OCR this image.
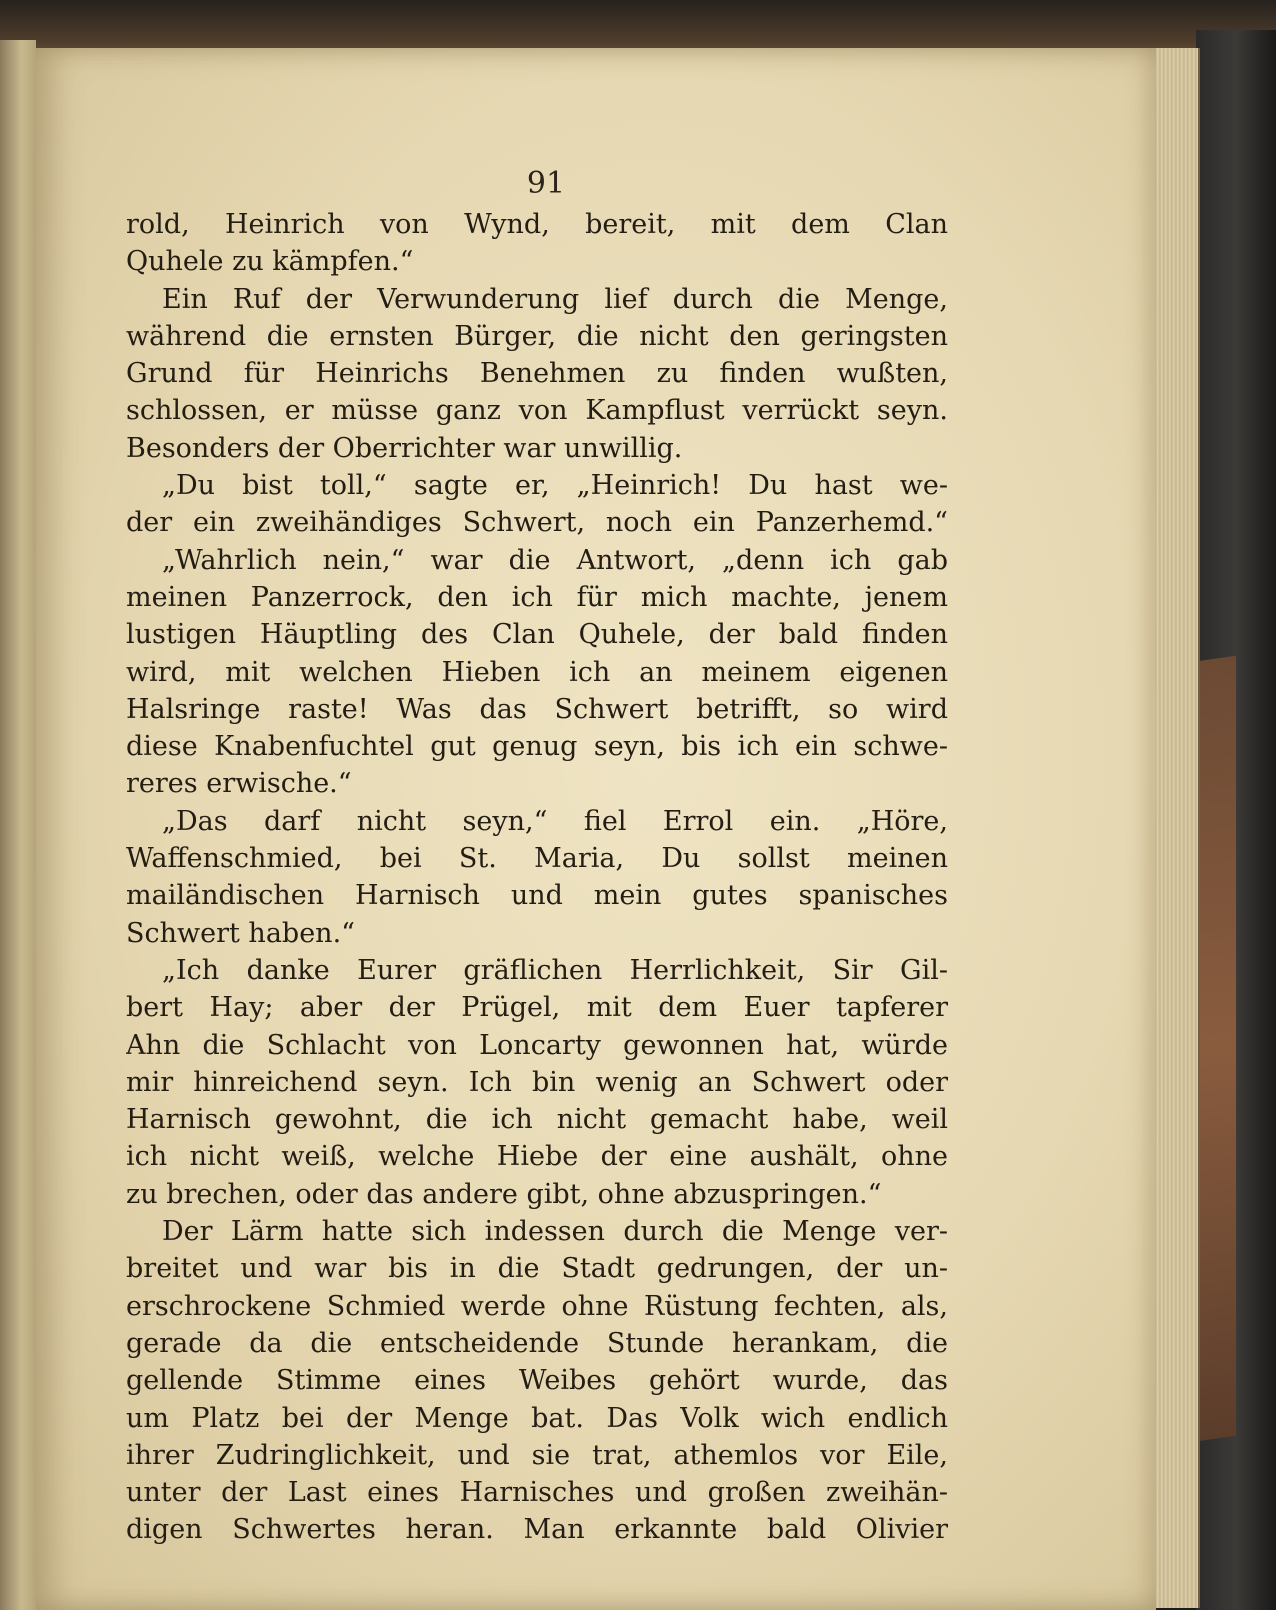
91
rold, Heinrich von Wynd, bereit, mit dem Clan
Quhele zu kämpfen.“
Ein Ruf der Verwunderung lief durch die Menge,
während die ernsten Bürger, die nicht den geringsten
Grund für Heinrichs Benehmen zu finden wußten,
schlossen, er müsse ganz von Kampflust verrückt seyn.
Besonders der Oberrichter war unwillig.
„Du bist toll,“ sagte er, „Heinrich! Du hast we-
der ein zweihändiges Schwert, noch ein Panzerhemd.“
„Wahrlich nein,“ war die Antwort, „denn ich gab
meinen Panzerrock, den ich für mich machte, jenem
lustigen Häuptling des Clan Quhele, der bald finden
wird, mit welchen Hieben ich an meinem eigenen
Halsringe raste! Was das Schwert betrifft, so wird
diese Knabenfuchtel gut genug seyn, bis ich ein schwe-
reres erwische.“
„Das darf nicht seyn,“ fiel Errol ein. „Höre,
Waffenschmied, bei St. Maria, Du sollst meinen
mailändischen Harnisch und mein gutes spanisches
Schwert haben.“
„Ich danke Eurer gräflichen Herrlichkeit, Sir Gil-
bert Hay; aber der Prügel, mit dem Euer tapferer
Ahn die Schlacht von Loncarty gewonnen hat, würde
mir hinreichend seyn. Ich bin wenig an Schwert oder
Harnisch gewohnt, die ich nicht gemacht habe, weil
ich nicht weiß, welche Hiebe der eine aushält, ohne
zu brechen, oder das andere gibt, ohne abzuspringen.“
Der Lärm hatte sich indessen durch die Menge ver-
breitet und war bis in die Stadt gedrungen, der un-
erschrockene Schmied werde ohne Rüstung fechten, als,
gerade da die entscheidende Stunde herankam, die
gellende Stimme eines Weibes gehört wurde, das
um Platz bei der Menge bat. Das Volk wich endlich
ihrer Zudringlichkeit, und sie trat, athemlos vor Eile,
unter der Last eines Harnisches und großen zweihän-
digen Schwertes heran. Man erkannte bald Olivier
